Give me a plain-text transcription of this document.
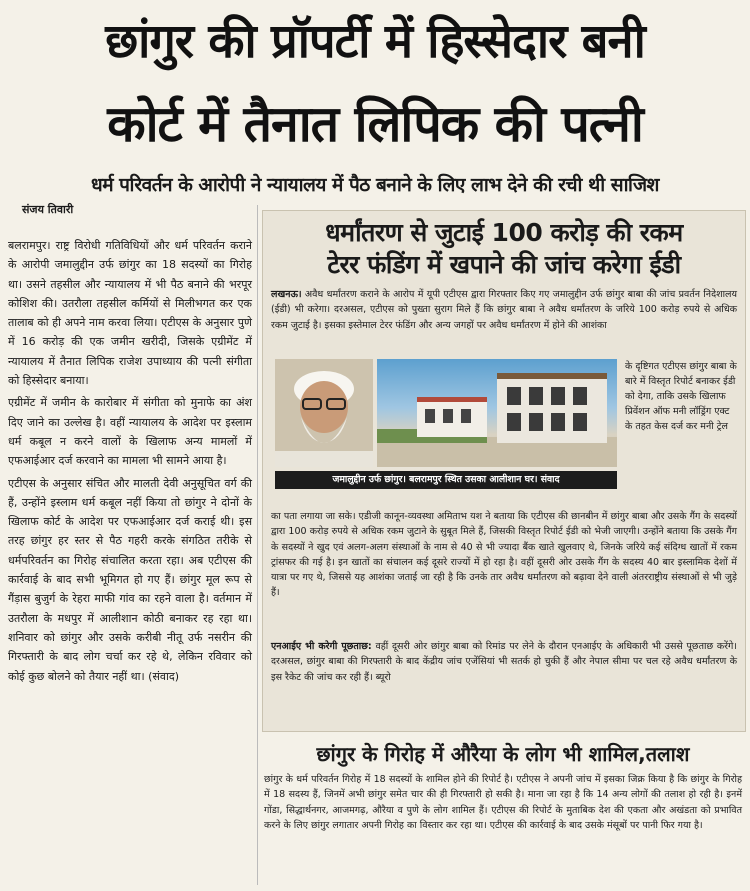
छांगुर की प्रॉपर्टी में हिस्सेदार बनी
कोर्ट में तैनात लिपिक की पत्नी
धर्म परिवर्तन के आरोपी ने न्यायालय में पैठ बनाने के लिए लाभ देने की रची थी साजिश
संजय तिवारी

बलरामपुर। राष्ट्र विरोधी गतिविधियों और धर्म परिवर्तन कराने के आरोपी जमालुद्दीन उर्फ छांगुर का 18 सदस्यों का गिरोह था। उसने तहसील और न्यायालय में भी पैठ बनाने की भरपूर कोशिश की। उतरौला तहसील कर्मियों से मिलीभगत कर एक तालाब को ही अपने नाम करवा लिया। एटीएस के अनुसार पुणे में 16 करोड़ की एक जमीन खरीदी, जिसके एग्रीमेंट में न्यायालय में तैनात लिपिक राजेश उपाध्याय की पत्नी संगीता को हिस्सेदार बनाया।

एग्रीमेंट में जमीन के कारोबार में संगीता को मुनाफे का अंश दिए जाने का उल्लेख है। वहीं न्यायालय के आदेश पर इस्लाम धर्म कबूल न करने वालों के खिलाफ अन्य मामलों में एफआईआर दर्ज करवाने का मामला भी सामने आया है।

एटीएस के अनुसार संचित और मालती देवी अनुसूचित वर्ग की हैं, उन्होंने इस्लाम धर्म कबूल नहीं किया तो छांगुर ने दोनों के खिलाफ कोर्ट के आदेश पर एफआईआर दर्ज कराई थी। इस तरह छांगुर हर स्तर से पैठ गहरी करके संगठित तरीके से धर्मपरिवर्तन का गिरोह संचालित करता रहा। अब एटीएस की कार्रवाई के बाद सभी भूमिगत हो गए हैं। छांगुर मूल रूप से गैंड़ास बुजुर्ग के रेहरा माफी गांव का रहने वाला है। वर्तमान में उतरौला के मधपुर में आलीशान कोठी बनाकर रह रहा था। शनिवार को छांगुर और उसके करीबी नीतू उर्फ नसरीन की गिरफ्तारी के बाद लोग चर्चा कर रहे थे, लेकिन रविवार को कोई कुछ बोलने को तैयार नहीं था। (संवाद)

धर्मांतरण से जुटाई 100 करोड़ की रकम
टेरर फंडिंग में खपाने की जांच करेगा ईडी
लखनऊ। अवैध धर्मांतरण कराने के आरोप में यूपी एटीएस द्वारा गिरफ्तार किए गए जमालुद्दीन उर्फ छांगुर बाबा की जांच प्रवर्तन निदेशालय (ईडी) भी करेगा। दरअसल, एटीएस को पुख्ता सुराग मिले हैं कि छांगुर बाबा ने अवैध धर्मांतरण के जरिये 100 करोड़ रुपये से अधिक रकम जुटाई है। इसका इस्तेमाल टेरर फंडिंग और अन्य जगहों पर अवैध धर्मांतरण में होने की आशंका
जमालुद्दीन उर्फ छांगुर। बलरामपुर स्थित उसका आलीशान घर। संवाद
के दृष्टिगत एटीएस छांगुर बाबा के बारे में विस्तृत रिपोर्ट बनाकर ईडी को देगा, ताकि उसके खिलाफ प्रिवेंशन ऑफ मनी लॉड्रिंग एक्ट के तहत केस दर्ज कर मनी ट्रेल
का पता लगाया जा सके। एडीजी कानून-व्यवस्था अमिताभ यश ने बताया कि एटीएस की छानबीन में छांगुर बाबा और उसके गैंग के सदस्यों द्वारा 100 करोड़ रुपये से अधिक रकम जुटाने के सुबूत मिले हैं, जिसकी विस्तृत रिपोर्ट ईडी को भेजी जाएगी। उन्होंने बताया कि उसके गैंग के सदस्यों ने खुद एवं अलग-अलग संस्थाओं के नाम से 40 से भी ज्यादा बैंक खाते खुलवाए थे, जिनके जरिये कई संदिग्ध खातों में रकम ट्रांसफर की गई है। इन खातों का संचालन कई दूसरे राज्यों में हो रहा है। वहीं दूसरी ओर उसके गैंग के सदस्य 40 बार इस्लामिक देशों में यात्रा पर गए थे, जिससे यह आशंका जताई जा रही है कि उनके तार अवैध धर्मांतरण को बढ़ावा देने वाली अंतरराष्ट्रीय संस्थाओं से भी जुड़े हैं।
एनआईए भी करेगी पूछताछ: वहीं दूसरी ओर छांगुर बाबा को रिमांड पर लेने के दौरान एनआईए के अधिकारी भी उससे पूछताछ करेंगे। दरअसल, छांगुर बाबा की गिरफ्तारी के बाद केंद्रीय जांच एजेंसियां भी सतर्क हो चुकी हैं और नेपाल सीमा पर चल रहे अवैध धर्मांतरण के इस रैकेट की जांच कर रही हैं। ब्यूरो
छांगुर के गिरोह में औरैया के लोग भी शामिल,तलाश
छांगुर के धर्म परिवर्तन गिरोह में 18 सदस्यों के शामिल होने की रिपोर्ट है। एटीएस ने अपनी जांच में इसका जिक्र किया है कि छांगुर के गिरोह में 18 सदस्य हैं, जिनमें अभी छांगुर समेत चार की ही गिरफ्तारी हो सकी है। माना जा रहा है कि 14 अन्य लोगों की तलाश हो रही है। इनमें गोंडा, सिद्धार्थनगर, आजमगढ़, औरैया व पुणे के लोग शामिल हैं। एटीएस की रिपोर्ट के मुताबिक देश की एकता और अखंडता को प्रभावित करने के लिए छांगुर लगातार अपनी गिरोह का विस्तार कर रहा था। एटीएस की कार्रवाई के बाद उसके मंसूबों पर पानी फिर गया है।
